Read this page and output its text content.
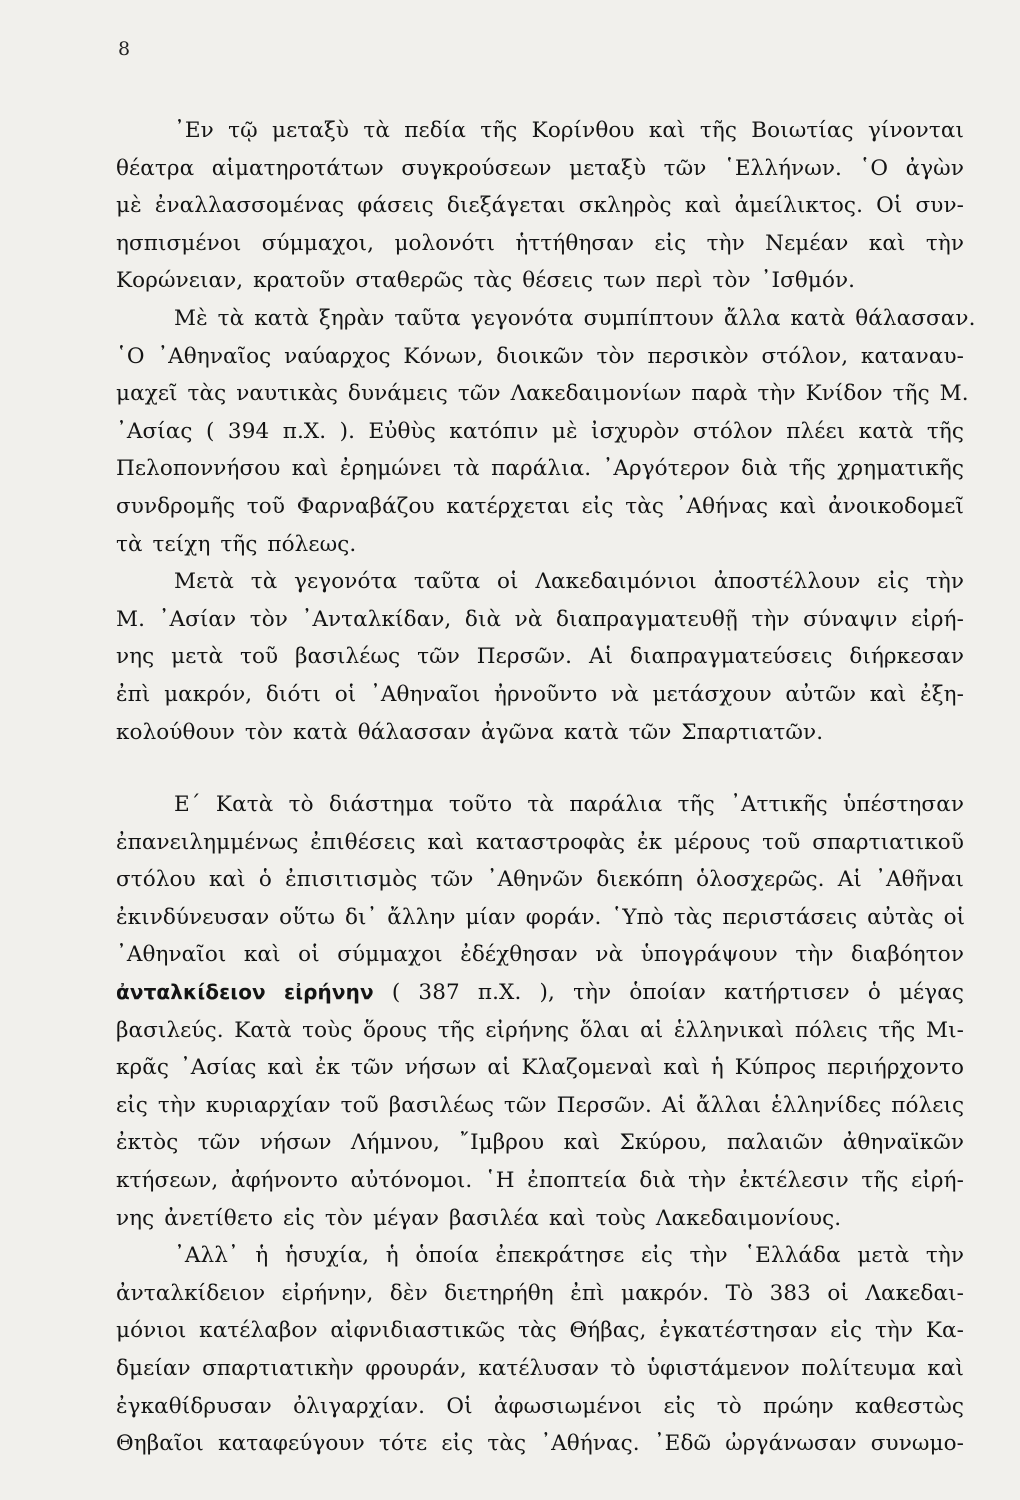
8
᾿Εν τῷ μεταξὺ τὰ πεδία τῆς Κορίνθου καὶ τῆς Βοιωτίας γίνονται
θέατρα αἱματηροτάτων συγκρούσεων μεταξὺ τῶν ῾Ελλήνων. ῾Ο ἀγὼν
μὲ ἐναλλασσομένας φάσεις διεξάγεται σκληρὸς καὶ ἀμείλικτος. Οἱ συν-
ησπισμένοι σύμμαχοι, μολονότι ἡττήθησαν εἰς τὴν Νεμέαν καὶ τὴν
Κορώνειαν, κρατοῦν σταθερῶς τὰς θέσεις των περὶ τὸν ᾿Ισθμόν.
Μὲ τὰ κατὰ ξηρὰν ταῦτα γεγονότα συμπίπτουν ἄλλα κατὰ θάλασσαν.
῾Ο ᾿Αθηναῖος ναύαρχος Κόνων, διοικῶν τὸν περσικὸν στόλον, καταναυ-
μαχεῖ τὰς ναυτικὰς δυνάμεις τῶν Λακεδαιμονίων παρὰ τὴν Κνίδον τῆς Μ.
᾿Ασίας ( 394 π.Χ. ). Εὐθὺς κατόπιν μὲ ἰσχυρὸν στόλον πλέει κατὰ τῆς
Πελοποννήσου καὶ ἐρημώνει τὰ παράλια. ᾿Αργότερον διὰ τῆς χρηματικῆς
συνδρομῆς τοῦ Φαρναβάζου κατέρχεται εἰς τὰς ᾿Αθήνας καὶ ἀνοικοδομεῖ
τὰ τείχη τῆς πόλεως.
Μετὰ τὰ γεγονότα ταῦτα οἱ Λακεδαιμόνιοι ἀποστέλλουν εἰς τὴν
Μ. ᾿Ασίαν τὸν ᾿Ανταλκίδαν, διὰ νὰ διαπραγματευθῇ τὴν σύναψιν εἰρή-
νης μετὰ τοῦ βασιλέως τῶν Περσῶν. Αἱ διαπραγματεύσεις διήρκεσαν
ἐπὶ μακρόν, διότι οἱ ᾿Αθηναῖοι ἠρνοῦντο νὰ μετάσχουν αὐτῶν καὶ ἐξη-
κολούθουν τὸν κατὰ θάλασσαν ἀγῶνα κατὰ τῶν Σπαρτιατῶν.
Ε´ Κατὰ τὸ διάστημα τοῦτο τὰ παράλια τῆς ᾿Αττικῆς ὑπέστησαν
ἐπανειλημμένως ἐπιθέσεις καὶ καταστροφὰς ἐκ μέρους τοῦ σπαρτιατικοῦ
στόλου καὶ ὁ ἐπισιτισμὸς τῶν ᾿Αθηνῶν διεκόπη ὁλοσχερῶς. Αἱ ᾿Αθῆναι
ἐκινδύνευσαν οὕτω δι᾿ ἄλλην μίαν φοράν. ῾Υπὸ τὰς περιστάσεις αὐτὰς οἱ
᾿Αθηναῖοι καὶ οἱ σύμμαχοι ἐδέχθησαν νὰ ὑπογράψουν τὴν διαβόητον
ἀνταλκίδειον εἰρήνην ( 387 π.Χ. ), τὴν ὁποίαν κατήρτισεν ὁ μέγας
βασιλεύς. Κατὰ τοὺς ὅρους τῆς εἰρήνης ὅλαι αἱ ἑλληνικαὶ πόλεις τῆς Μι-
κρᾶς ᾿Ασίας καὶ ἐκ τῶν νήσων αἱ Κλαζομεναὶ καὶ ἡ Κύπρος περιήρχοντο
εἰς τὴν κυριαρχίαν τοῦ βασιλέως τῶν Περσῶν. Αἱ ἄλλαι ἑλληνίδες πόλεις
ἐκτὸς τῶν νήσων Λήμνου, ῎Ιμβρου καὶ Σκύρου, παλαιῶν ἀθηναϊκῶν
κτήσεων, ἀφήνοντο αὐτόνομοι. ῾Η ἐποπτεία διὰ τὴν ἐκτέλεσιν τῆς εἰρή-
νης ἀνετίθετο εἰς τὸν μέγαν βασιλέα καὶ τοὺς Λακεδαιμονίους.
᾿Αλλ᾿ ἡ ἡσυχία, ἡ ὁποία ἐπεκράτησε εἰς τὴν ῾Ελλάδα μετὰ τὴν
ἀνταλκίδειον εἰρήνην, δὲν διετηρήθη ἐπὶ μακρόν. Τὸ 383 οἱ Λακεδαι-
μόνιοι κατέλαβον αἰφνιδιαστικῶς τὰς Θήβας, ἐγκατέστησαν εἰς τὴν Κα-
δμείαν σπαρτιατικὴν φρουράν, κατέλυσαν τὸ ὑφιστάμενον πολίτευμα καὶ
ἐγκαθίδρυσαν ὀλιγαρχίαν. Οἱ ἀφωσιωμένοι εἰς τὸ πρώην καθεστὼς
Θηβαῖοι καταφεύγουν τότε εἰς τὰς ᾿Αθήνας. ᾿Εδῶ ὠργάνωσαν συνωμο-
